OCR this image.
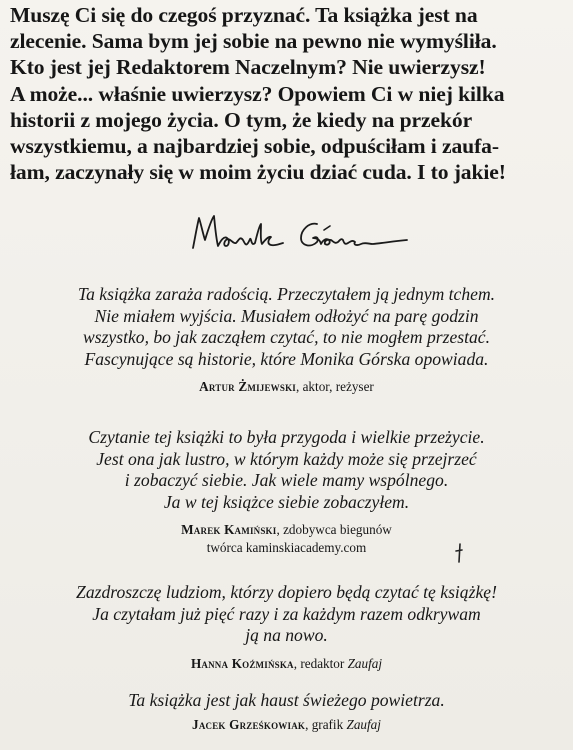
Muszę Ci się do czegoś przyznać. Ta książka jest na
zlecenie. Sama bym jej sobie na pewno nie wymyśliła.
Kto jest jej Redaktorem Naczelnym? Nie uwierzysz!
A może... właśnie uwierzysz? Opowiem Ci w niej kilka
historii z mojego życia. O tym, że kiedy na przekór
wszystkiemu, a najbardziej sobie, odpuściłam i zaufa-
łam, zaczynały się w moim życiu dziać cuda. I to jakie!
Ta książka zaraża radością. Przeczytałem ją jednym tchem.
Nie miałem wyjścia. Musiałem odłożyć na parę godzin
wszystko, bo jak zacząłem czytać, to nie mogłem przestać.
Fascynujące są historie, które Monika Górska opowiada.
Artur Żmijewski, aktor, reżyser
Czytanie tej książki to była przygoda i wielkie przeżycie.
Jest ona jak lustro, w którym każdy może się przejrzeć
i zobaczyć siebie. Jak wiele mamy wspólnego.
Ja w tej książce siebie zobaczyłem.
Marek Kamiński, zdobywca biegunów
twórca kaminskiacademy.com
Zazdroszczę ludziom, którzy dopiero będą czytać tę książkę!
Ja czytałam już pięć razy i za każdym razem odkrywam
ją na nowo.
Hanna Koźmińska, redaktor Zaufaj
Ta książka jest jak haust świeżego powietrza.
Jacek Grześkowiak, grafik Zaufaj
